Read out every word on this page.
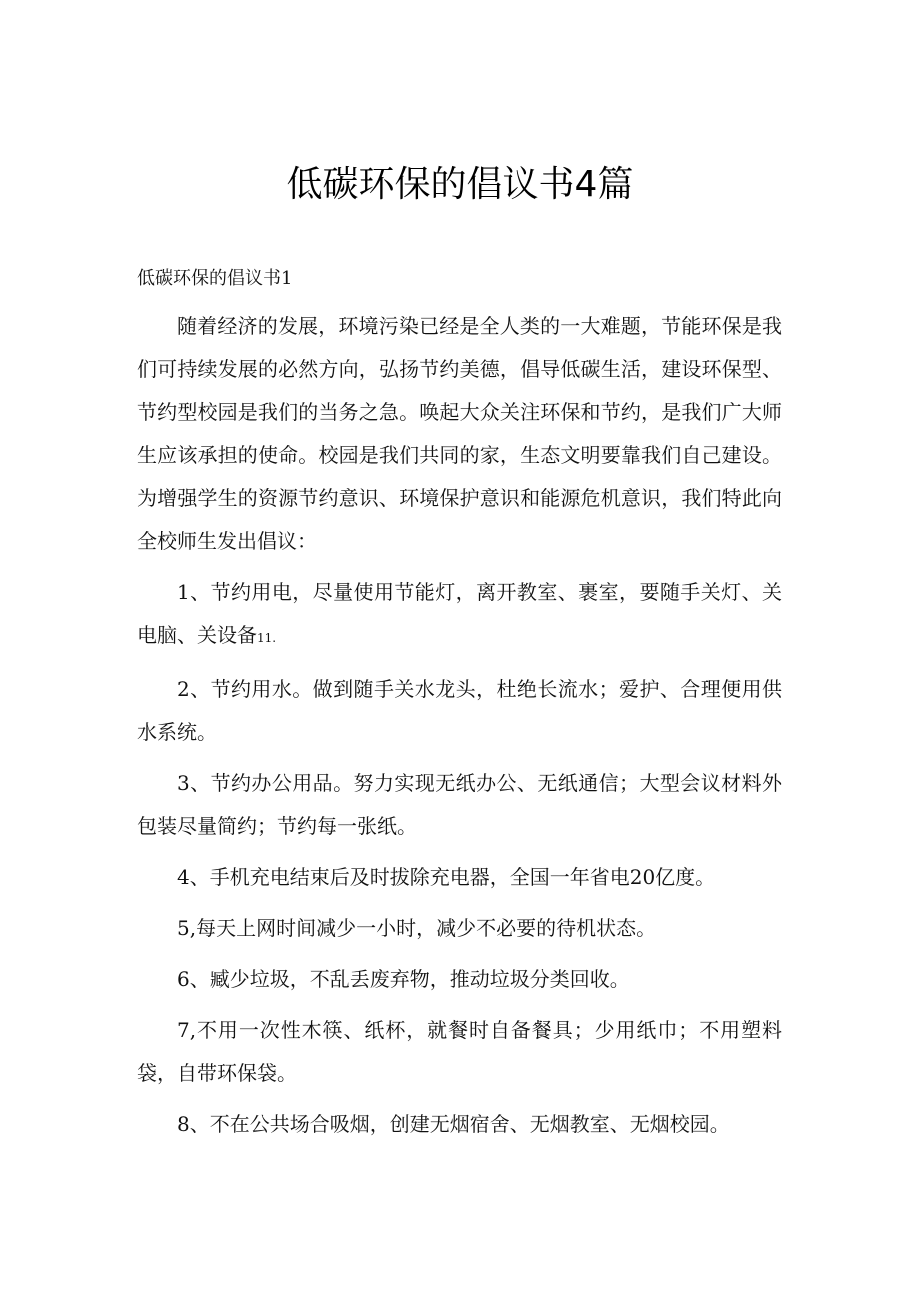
低碳环保的倡议书4篇
低碳环保的倡议书1

随着经济的发展，环境污染已经是全人类的一大难题，节能环保是我们可持续发展的必然方向，弘扬节约美德，倡导低碳生活，建设环保型、节约型校园是我们的当务之急。唤起大众关注环保和节约，是我们广大师生应该承担的使命。校园是我们共同的家，生态文明要靠我们自己建设。为增强学生的资源节约意识、环境保护意识和能源危机意识，我们特此向全校师生发出倡议：

1、节约用电，尽量使用节能灯，离开教室、裹室，要随手关灯、关电脑、关设备11.

2、节约用水。做到随手关水龙头，杜绝长流水；爱护、合理便用供水系统。

3、节约办公用品。努力实现无纸办公、无纸通信；大型会议材料外包装尽量简约；节约每一张纸。

4、手机充电结束后及时拔除充电器，全国一年省电20亿度。

5,每天上网时间减少一小时，减少不必要的待机状态。

6、臧少垃圾，不乱丢废弃物，推动垃圾分类回收。

7,不用一次性木筷、纸杯，就餐时自备餐具；少用纸巾；不用塑料袋，自带环保袋。

8、不在公共场合吸烟，创建无烟宿舍、无烟教室、无烟校园。
